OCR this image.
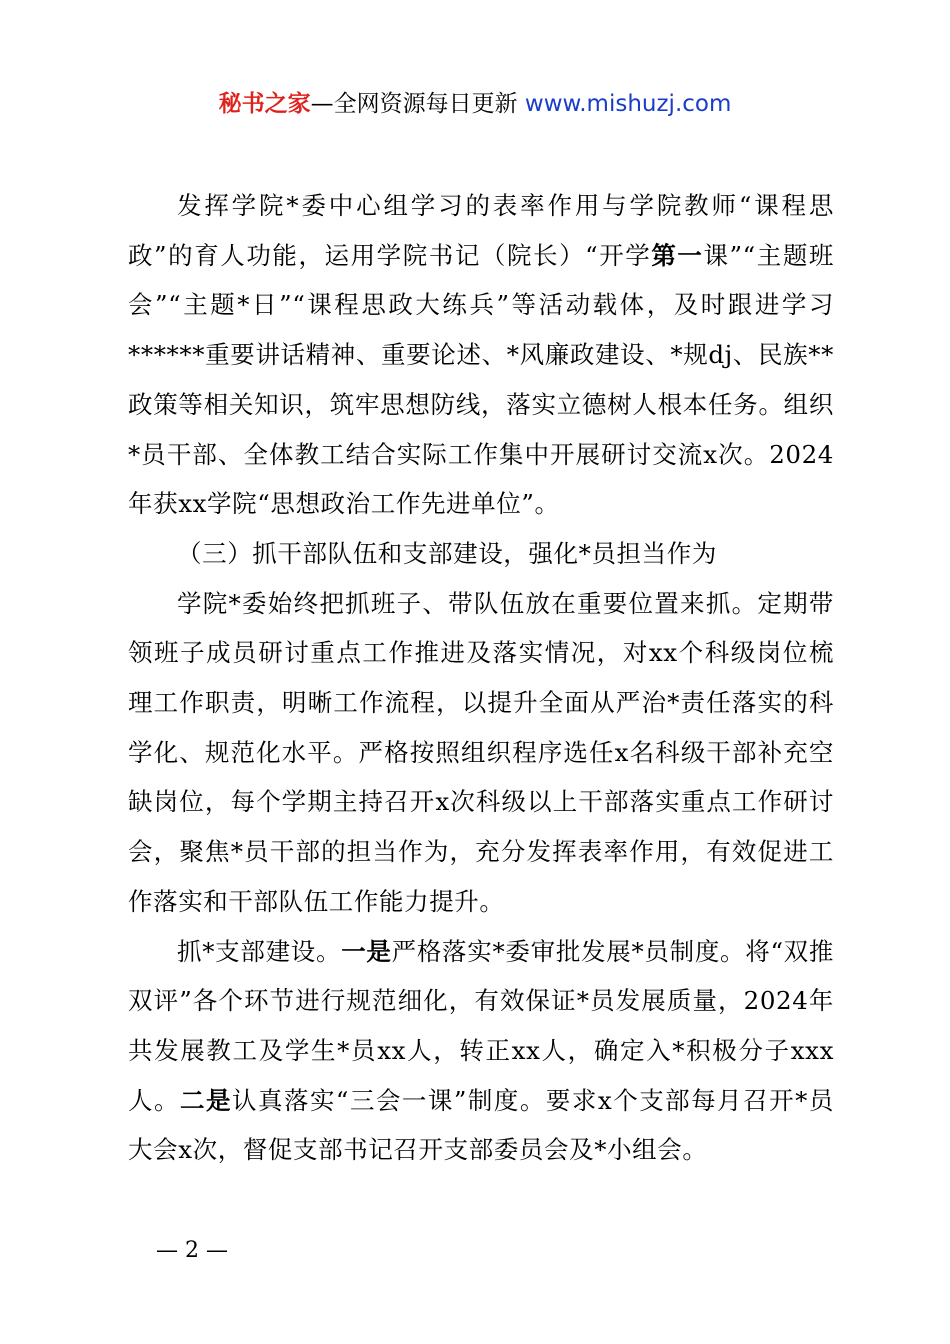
秘书之家—全网资源每日更新 www.mishuzj.com

发挥学院*委中心组学习的表率作用与学院教师“课程思政”的育人功能，运用学院书记（院长）“开学第一课”“主题班会”“主题*日”“课程思政大练兵”等活动载体，及时跟进学习******重要讲话精神、重要论述、*风廉政建设、*规dj、民族**政策等相关知识，筑牢思想防线，落实立德树人根本任务。组织*员干部、全体教工结合实际工作集中开展研讨交流x次。2024年获xx学院“思想政治工作先进单位”。

（三）抓干部队伍和支部建设，强化*员担当作为

学院*委始终把抓班子、带队伍放在重要位置来抓。定期带领班子成员研讨重点工作推进及落实情况，对xx个科级岗位梳理工作职责，明晰工作流程，以提升全面从严治*责任落实的科学化、规范化水平。严格按照组织程序选任x名科级干部补充空缺岗位，每个学期主持召开x次科级以上干部落实重点工作研讨会，聚焦*员干部的担当作为，充分发挥表率作用，有效促进工作落实和干部队伍工作能力提升。

抓*支部建设。一是严格落实*委审批发展*员制度。将“双推双评”各个环节进行规范细化，有效保证*员发展质量，2024年共发展教工及学生*员xx人，转正xx人，确定入*积极分子xxx人。二是认真落实“三会一课”制度。要求x个支部每月召开*员大会x次，督促支部书记召开支部委员会及*小组会。

— 2 —
